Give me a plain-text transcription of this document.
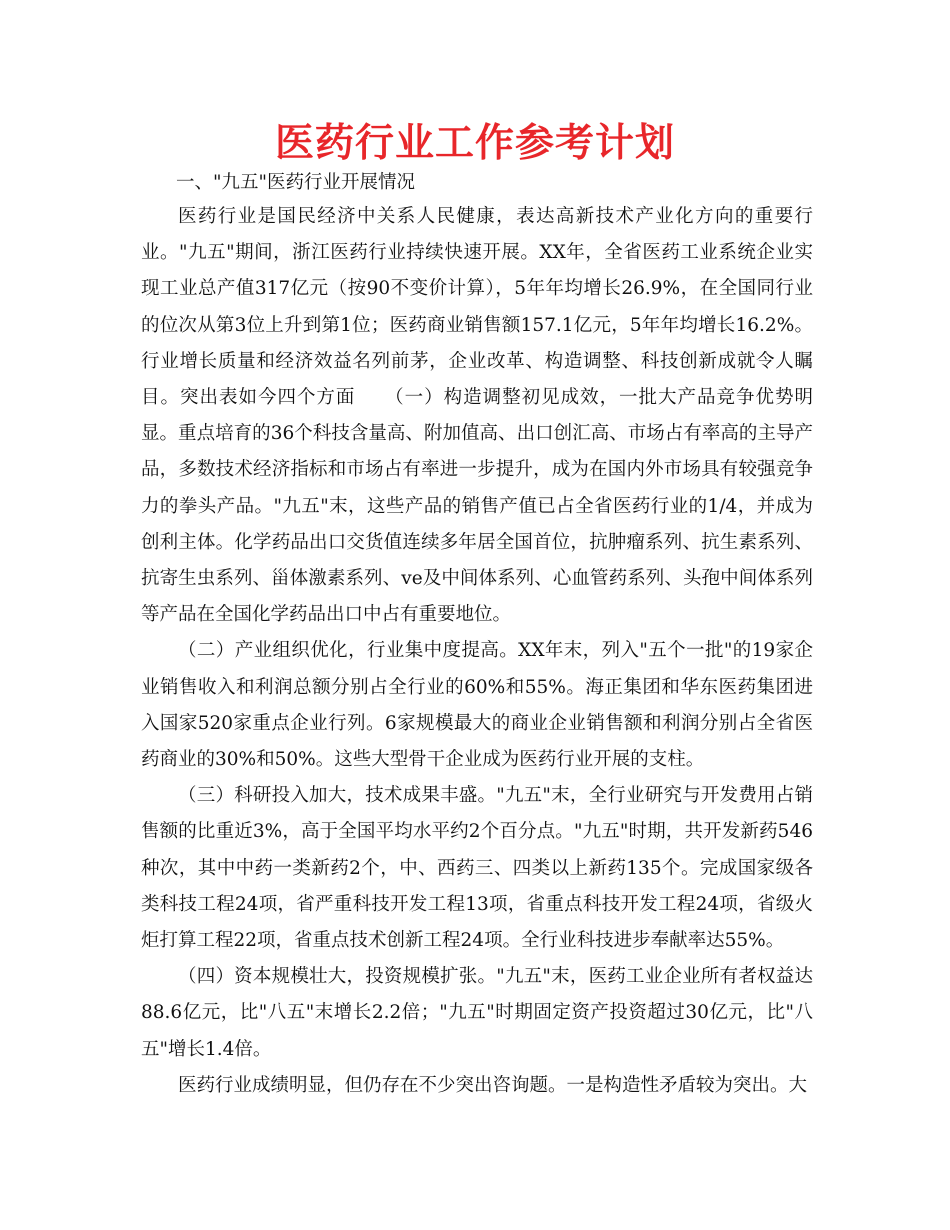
医药行业工作参考计划

一、"九五"医药行业开展情况

医药行业是国民经济中关系人民健康，表达高新技术产业化方向的重要行业。"九五"期间，浙江医药行业持续快速开展。XX年，全省医药工业系统企业实现工业总产值317亿元（按90不变价计算），5年年均增长26.9%，在全国同行业的位次从第3位上升到第1位；医药商业销售额157.1亿元，5年年均增长16.2%。行业增长质量和经济效益名列前茅，企业改革、构造调整、科技创新成就令人瞩目。突出表如今四个方面　　（一）构造调整初见成效，一批大产品竞争优势明显。重点培育的36个科技含量高、附加值高、出口创汇高、市场占有率高的主导产品，多数技术经济指标和市场占有率进一步提升，成为在国内外市场具有较强竞争力的拳头产品。"九五"末，这些产品的销售产值已占全省医药行业的1/4，并成为创利主体。化学药品出口交货值连续多年居全国首位，抗肿瘤系列、抗生素系列、抗寄生虫系列、甾体激素系列、ve及中间体系列、心血管药系列、头孢中间体系列等产品在全国化学药品出口中占有重要地位。

（二）产业组织优化，行业集中度提高。XX年末，列入"五个一批"的19家企业销售收入和利润总额分别占全行业的60%和55%。海正集团和华东医药集团进入国家520家重点企业行列。6家规模最大的商业企业销售额和利润分别占全省医药商业的30%和50%。这些大型骨干企业成为医药行业开展的支柱。

（三）科研投入加大，技术成果丰盛。"九五"末，全行业研究与开发费用占销售额的比重近3%，高于全国平均水平约2个百分点。"九五"时期，共开发新药546种次，其中中药一类新药2个，中、西药三、四类以上新药135个。完成国家级各类科技工程24项，省严重科技开发工程13项，省重点科技开发工程24项，省级火炬打算工程22项，省重点技术创新工程24项。全行业科技进步奉献率达55%。

（四）资本规模壮大，投资规模扩张。"九五"末，医药工业企业所有者权益达88.6亿元，比"八五"末增长2.2倍；"九五"时期固定资产投资超过30亿元，比"八五"增长1.4倍。

医药行业成绩明显，但仍存在不少突出咨询题。一是构造性矛盾较为突出。大
